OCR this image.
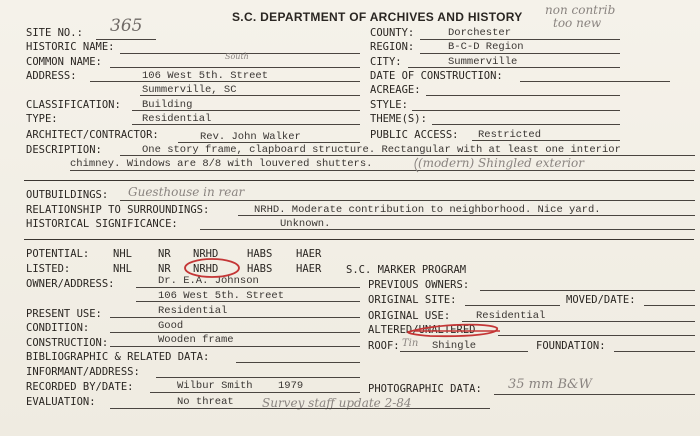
S.C. DEPARTMENT OF ARCHIVES AND HISTORY non contrib
too new
SITE NO.: 365
HISTORIC NAME:
COMMON NAME:	South
ADDRESS:	106 West 5th. Street
Summerville, SC
COUNTY:	Dorchester
REGION:	B-C-D Region
CITY:	Summerville
DATE OF CONSTRUCTION:
ACREAGE:
STYLE:
THEME(S):
PUBLIC ACCESS: Restricted
CLASSIFICATION: Building
TYPE:	Residential
ARCHITECT/CONTRACTOR:	Rev. John Walker
DESCRIPTION:	One story frame, clapboard structure. Rectangular with at least one interior
chimney. Windows are 8/8 with louvered shutters.	(modern) Shingled exterior
OUTBUILDINGS: Guesthouse in rear
RELATIONSHIP TO SURROUNDINGS:	NRHD. Moderate contribution to neighborhood. Nice yard.
HISTORICAL SIGNIFICANCE:	Unknown.
POTENTIAL: NHL NR NRHD	HABS HAER
LISTED:	NHL NR NRHD	HABS HAER S.C. MARKER PROGRAM
OWNER/ADDRESS:	Dr. E.A. Johnson
106 West 5th. Street
PREVIOUS OWNERS:
ORIGINAL SITE:	MOVED/DATE:
PRESENT USE:	Residential	ORIGINAL USE: Residential
CONDITION:	Good	ALTERED/UNALTERED
CONSTRUCTION:	Wooden frame	ROOF: Tin Shingle	FOUNDATION:
BIBLIOGRAPHIC & RELATED DATA:
INFORMANT/ADDRESS:
RECORDED BY/DATE:	Wilbur Smith 1979	PHOTOGRAPHIC DATA: 35 mm B&W
EVALUATION:	No threat Survey staff update 2-84
